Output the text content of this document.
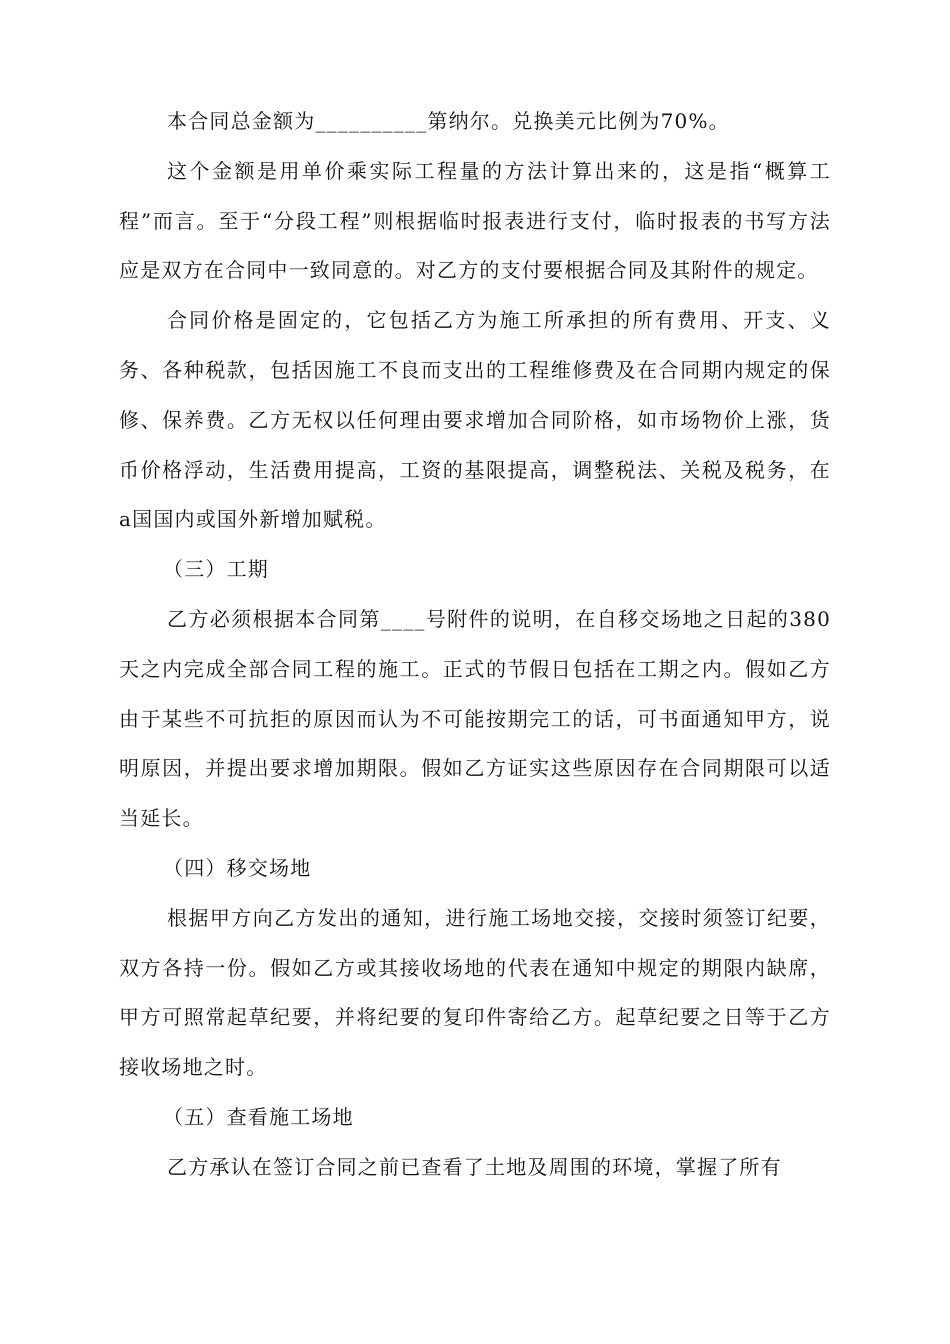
本合同总金额为__________第纳尔。兑换美元比例为70%。

这个金额是用单价乘实际工程量的方法计算出来的，这是指“概算工程”而言。至于“分段工程”则根据临时报表进行支付，临时报表的书写方法应是双方在合同中一致同意的。对乙方的支付要根据合同及其附件的规定。

合同价格是固定的，它包括乙方为施工所承担的所有费用、开支、义务、各种税款，包括因施工不良而支出的工程维修费及在合同期内规定的保修、保养费。乙方无权以任何理由要求增加合同阶格，如市场物价上涨，货币价格浮动，生活费用提高，工资的基限提高，调整税法、关税及税务，在a国国内或国外新增加赋税。

（三）工期

乙方必须根据本合同第____号附件的说明，在自移交场地之日起的380天之内完成全部合同工程的施工。正式的节假日包括在工期之内。假如乙方由于某些不可抗拒的原因而认为不可能按期完工的话，可书面通知甲方，说明原因，并提出要求增加期限。假如乙方证实这些原因存在合同期限可以适当延长。

（四）移交场地

根据甲方向乙方发出的通知，进行施工场地交接，交接时须签订纪要，双方各持一份。假如乙方或其接收场地的代表在通知中规定的期限内缺席，甲方可照常起草纪要，并将纪要的复印件寄给乙方。起草纪要之日等于乙方接收场地之时。

（五）查看施工场地

乙方承认在签订合同之前已查看了土地及周围的环境，掌握了所有
